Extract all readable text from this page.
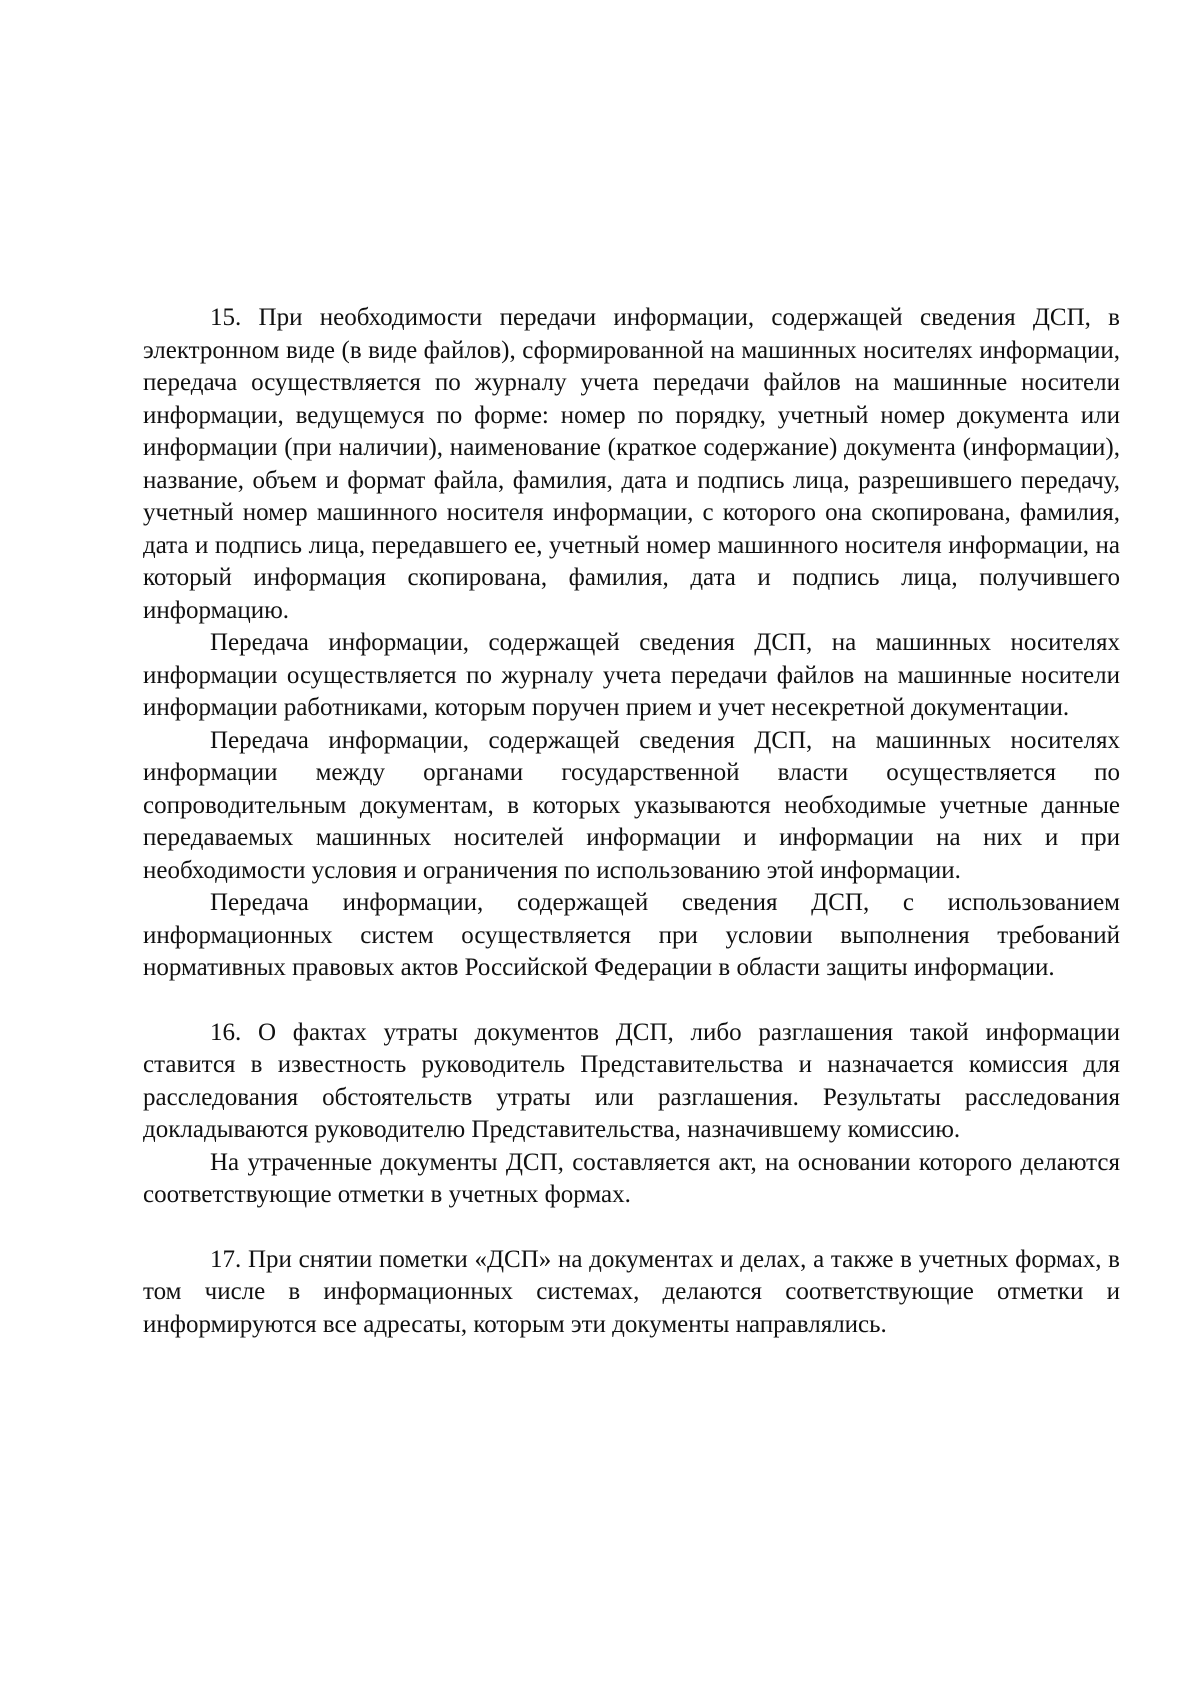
15. При необходимости передачи информации, содержащей сведения ДСП, в электронном виде (в виде файлов), сформированной на машинных носителях информации, передача осуществляется по журналу учета передачи файлов на машинные носители информации, ведущемуся по форме: номер по порядку, учетный номер документа или информации (при наличии), наименование (краткое содержание) документа (информации), название, объем и формат файла, фамилия, дата и подпись лица, разрешившего передачу, учетный номер машинного носителя информации, с которого она скопирована, фамилия, дата и подпись лица, передавшего ее, учетный номер машинного носителя информации, на который информация скопирована, фамилия, дата и подпись лица, получившего информацию.

Передача информации, содержащей сведения ДСП, на машинных носителях информации осуществляется по журналу учета передачи файлов на машинные носители информации работниками, которым поручен прием и учет несекретной документации.

Передача информации, содержащей сведения ДСП, на машинных носителях информации между органами государственной власти осуществляется по сопроводительным документам, в которых указываются необходимые учетные данные передаваемых машинных носителей информации и информации на них и при необходимости условия и ограничения по использованию этой информации.

Передача информации, содержащей сведения ДСП, с использованием информационных систем осуществляется при условии выполнения требований нормативных правовых актов Российской Федерации в области защиты информации.

16. О фактах утраты документов ДСП, либо разглашения такой информации ставится в известность руководитель Представительства и назначается комиссия для расследования обстоятельств утраты или разглашения. Результаты расследования докладываются руководителю Представительства, назначившему комиссию.

На утраченные документы ДСП, составляется акт, на основании которого делаются соответствующие отметки в учетных формах.

17. При снятии пометки «ДСП» на документах и делах, а также в учетных формах, в том числе в информационных системах, делаются соответствующие отметки и информируются все адресаты, которым эти документы направлялись.
